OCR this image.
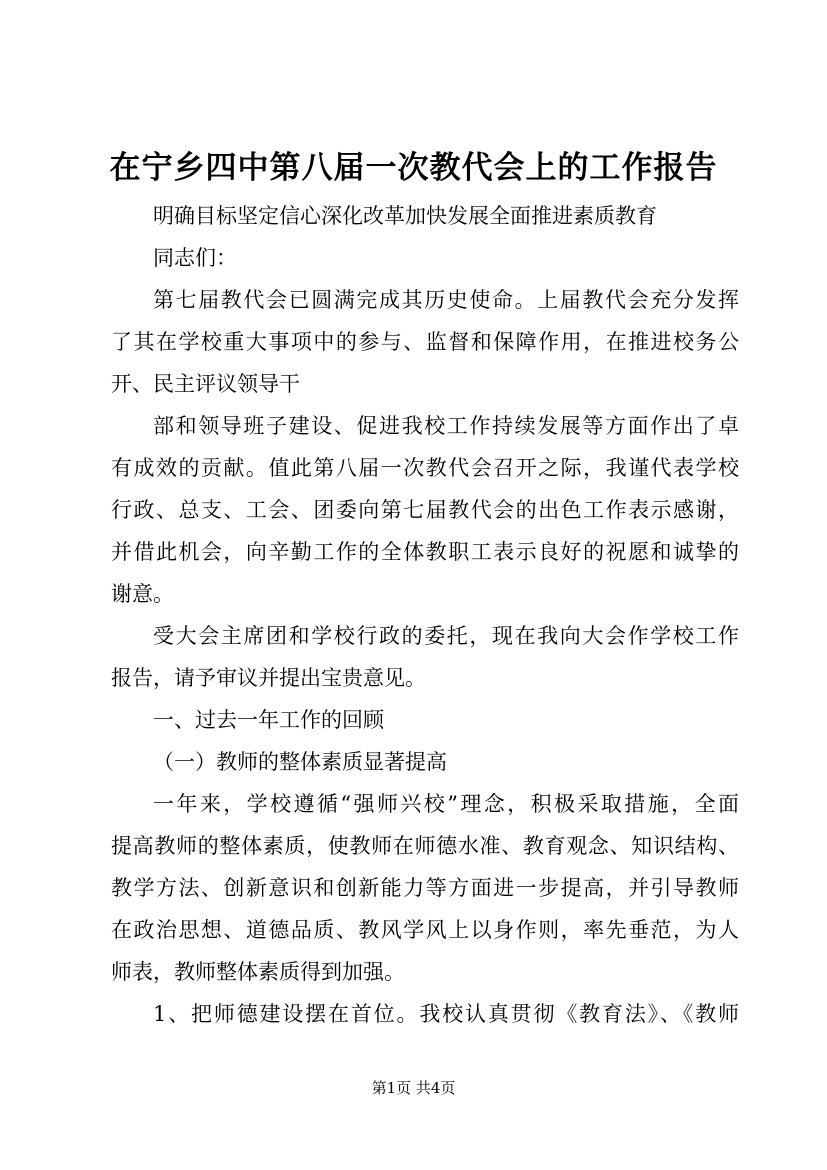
在宁乡四中第八届一次教代会上的工作报告
明确目标坚定信心深化改革加快发展全面推进素质教育
同志们：
第七届教代会已圆满完成其历史使命。上届教代会充分发挥
了其在学校重大事项中的参与、监督和保障作用，在推进校务公
开、民主评议领导干
部和领导班子建设、促进我校工作持续发展等方面作出了卓
有成效的贡献。值此第八届一次教代会召开之际，我谨代表学校
行政、总支、工会、团委向第七届教代会的出色工作表示感谢，
并借此机会，向辛勤工作的全体教职工表示良好的祝愿和诚挚的
谢意。
受大会主席团和学校行政的委托，现在我向大会作学校工作
报告，请予审议并提出宝贵意见。
一、过去一年工作的回顾
（一）教师的整体素质显著提高
一年来，学校遵循“强师兴校”理念，积极采取措施，全面
提高教师的整体素质，使教师在师德水准、教育观念、知识结构、
教学方法、创新意识和创新能力等方面进一步提高，并引导教师
在政治思想、道德品质、教风学风上以身作则，率先垂范，为人
师表，教师整体素质得到加强。
1、把师德建设摆在首位。我校认真贯彻《教育法》、《教师
第1页 共4页
